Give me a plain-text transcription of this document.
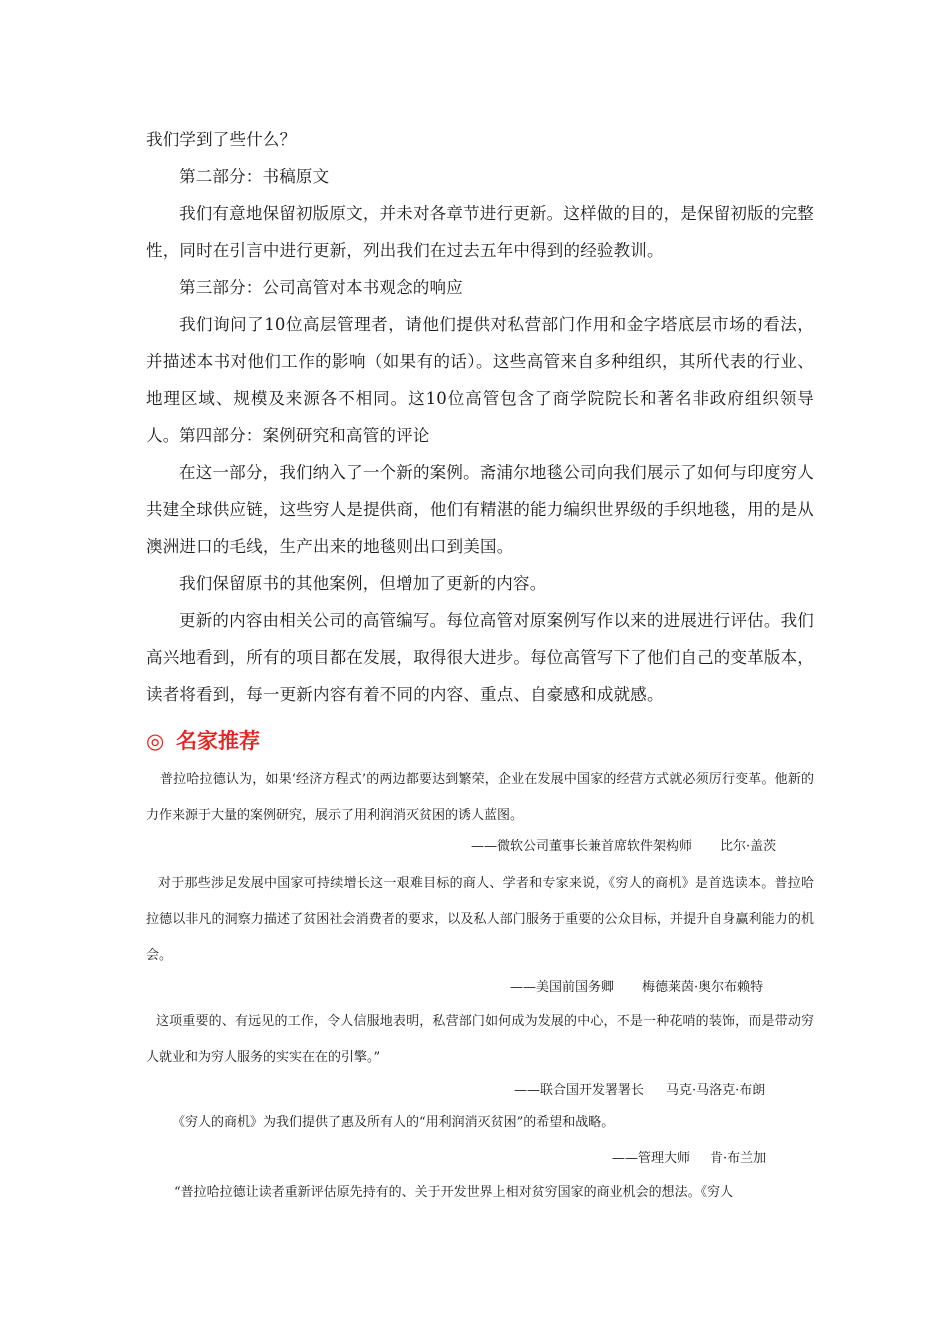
我们学到了些什么？

第二部分：书稿原文

我们有意地保留初版原文，并未对各章节进行更新。这样做的目的，是保留初版的完整性，同时在引言中进行更新，列出我们在过去五年中得到的经验教训。

第三部分：公司高管对本书观念的响应

我们询问了10位高层管理者，请他们提供对私营部门作用和金字塔底层市场的看法，并描述本书对他们工作的影响（如果有的话）。这些高管来自多种组织，其所代表的行业、地理区域、规模及来源各不相同。这10位高管包含了商学院院长和著名非政府组织领导人。 第四部分：案例研究和高管的评论

在这一部分，我们纳入了一个新的案例。斋浦尔地毯公司向我们展示了如何与印度穷人共建全球供应链，这些穷人是提供商，他们有精湛的能力编织世界级的手织地毯，用的是从澳洲进口的毛线，生产出来的地毯则出口到美国。

我们保留原书的其他案例，但增加了更新的内容。

更新的内容由相关公司的高管编写。每位高管对原案例写作以来的进展进行评估。我们高兴地看到，所有的项目都在发展，取得很大进步。每位高管写下了他们自己的变革版本，读者将看到，每一更新内容有着不同的内容、重点、自豪感和成就感。

◎ 名家推荐

普拉哈拉德认为，如果‘经济方程式’的两边都要达到繁荣，企业在发展中国家的经营方式就必须厉行变革。他新的力作来源于大量的案例研究，展示了用利润消灭贫困的诱人蓝图。

——微软公司董事长兼首席软件架构师 比尔·盖茨

对于那些涉足发展中国家可持续增长这一艰难目标的商人、学者和专家来说，《穷人的商机》是首选读本。普拉哈拉德以非凡的洞察力描述了贫困社会消费者的要求，以及私人部门服务于重要的公众目标，并提升自身赢利能力的机会。

——美国前国务卿 梅德莱茵·奥尔布赖特

这项重要的、有远见的工作，令人信服地表明，私营部门如何成为发展的中心，不是一种花哨的装饰，而是带动穷人就业和为穷人服务的实实在在的引擎。”

——联合国开发署署长 马克·马洛克·布朗

《穷人的商机》为我们提供了惠及所有人的“用利润消灭贫困”的希望和战略。

——管理大师 肯·布兰加

“普拉哈拉德让读者重新评估原先持有的、关于开发世界上相对贫穷国家的商业机会的想法。《穷人
